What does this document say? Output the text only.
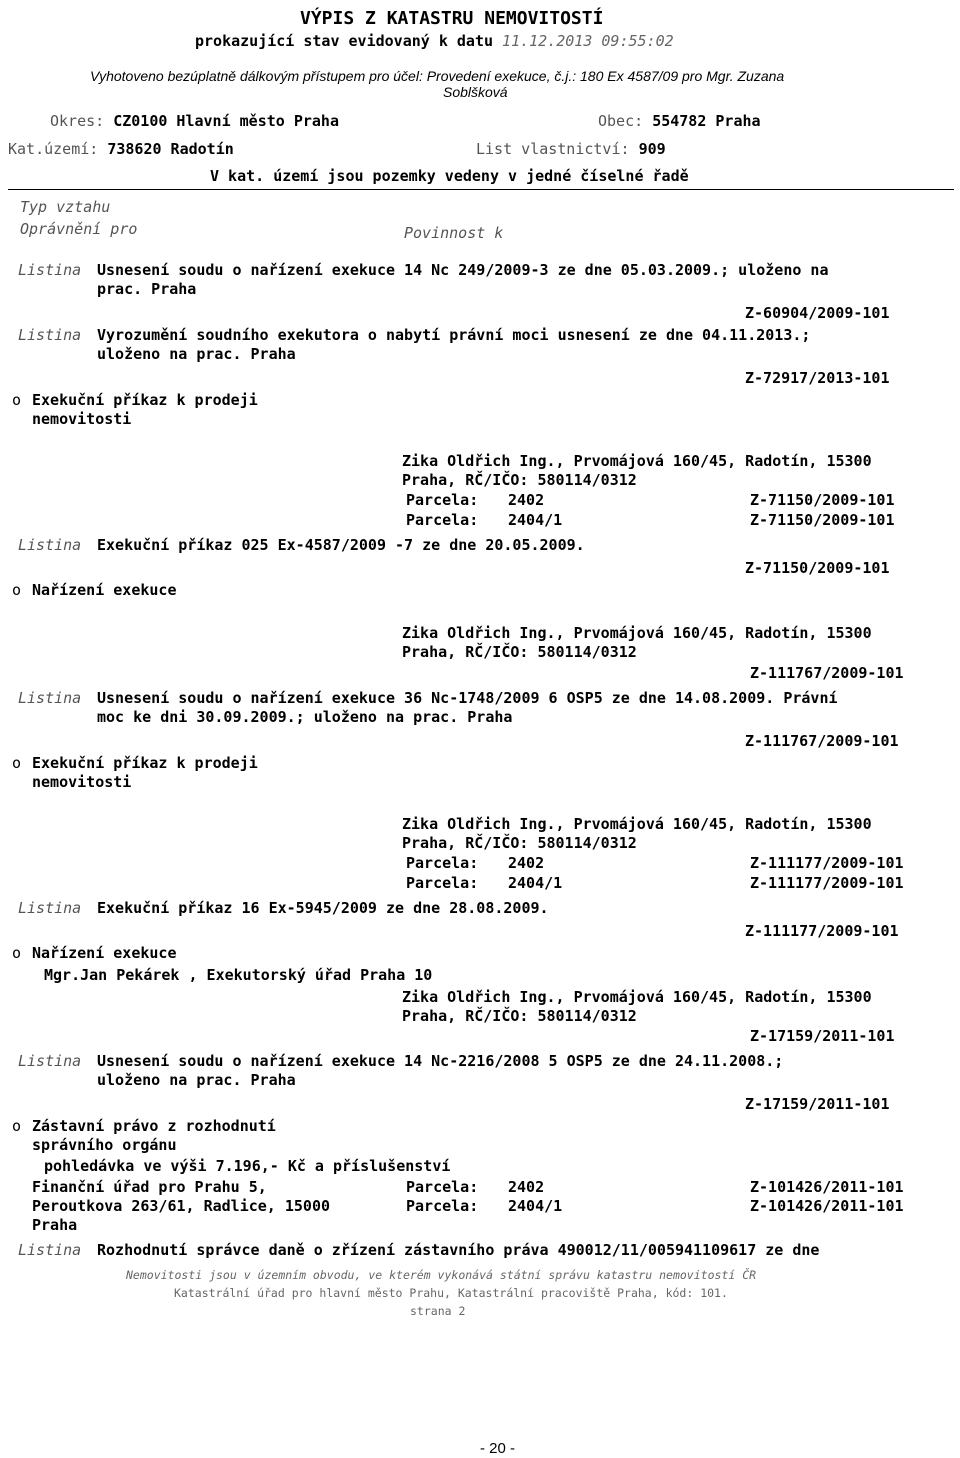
VÝPIS Z KATASTRU NEMOVITOSTÍ
prokazující stav evidovaný k datu 11.12.2013 09:55:02
Vyhotoveno bezúplatně dálkovým přístupem pro účel: Provedení exekuce, č.j.: 180 Ex 4587/09 pro Mgr. Zuzana
Soblšková
Okres: CZ0100 Hlavní město Praha	Obec: 554782 Praha
Kat.území: 738620 Radotín	List vlastnictví: 909
V kat. území jsou pozemky vedeny v jedné číselné řadě
Typ vztahu
Oprávnění pro	Povinnost k
Listina Usnesení soudu o nařízení exekuce 14 Nc 249/2009-3 ze dne 05.03.2009.; uloženo na
prac. Praha
Z-60904/2009-101
Listina Vyrozumění soudního exekutora o nabytí právní moci usnesení ze dne 04.11.2013.;
uloženo na prac. Praha
Z-72917/2013-101
o Exekuční příkaz k prodeji
nemovitosti
Zika Oldřich Ing., Prvomájová 160/45, Radotín, 15300
Praha, RČ/IČO: 580114/0312
Parcela: 2402	Z-71150/2009-101
Parcela: 2404/1	Z-71150/2009-101
Listina Exekuční příkaz 025 Ex-4587/2009 -7 ze dne 20.05.2009.
Z-71150/2009-101
o Nařízení exekuce
Zika Oldřich Ing., Prvomájová 160/45, Radotín, 15300
Praha, RČ/IČO: 580114/0312
Z-111767/2009-101
Listina Usnesení soudu o nařízení exekuce 36 Nc-1748/2009 6 OSP5 ze dne 14.08.2009. Právní
moc ke dni 30.09.2009.; uloženo na prac. Praha
Z-111767/2009-101
o Exekuční příkaz k prodeji
nemovitosti
Zika Oldřich Ing., Prvomájová 160/45, Radotín, 15300
Praha, RČ/IČO: 580114/0312
Parcela: 2402	Z-111177/2009-101
Parcela: 2404/1	Z-111177/2009-101
Listina Exekuční příkaz 16 Ex-5945/2009 ze dne 28.08.2009.
Z-111177/2009-101
o Nařízení exekuce
Mgr.Jan Pekárek , Exekutorský úřad Praha 10
Zika Oldřich Ing., Prvomájová 160/45, Radotín, 15300
Praha, RČ/IČO: 580114/0312
Z-17159/2011-101
Listina Usnesení soudu o nařízení exekuce 14 Nc-2216/2008 5 OSP5 ze dne 24.11.2008.;
uloženo na prac. Praha
Z-17159/2011-101
o Zástavní právo z rozhodnutí
správního orgánu
pohledávka ve výši 7.196,- Kč a příslušenství
Finanční úřad pro Prahu 5,
Peroutkova 263/61, Radlice, 15000
Praha
Parcela: 2402	Z-101426/2011-101
Parcela: 2404/1	Z-101426/2011-101
Listina Rozhodnutí správce daně o zřízení zástavního práva 490012/11/005941109617 ze dne
Nemovitosti jsou v územním obvodu, ve kterém vykonává státní správu katastru nemovitostí ČR
Katastrální úřad pro hlavní město Prahu, Katastrální pracoviště Praha, kód: 101.
strana 2
- 20 -
